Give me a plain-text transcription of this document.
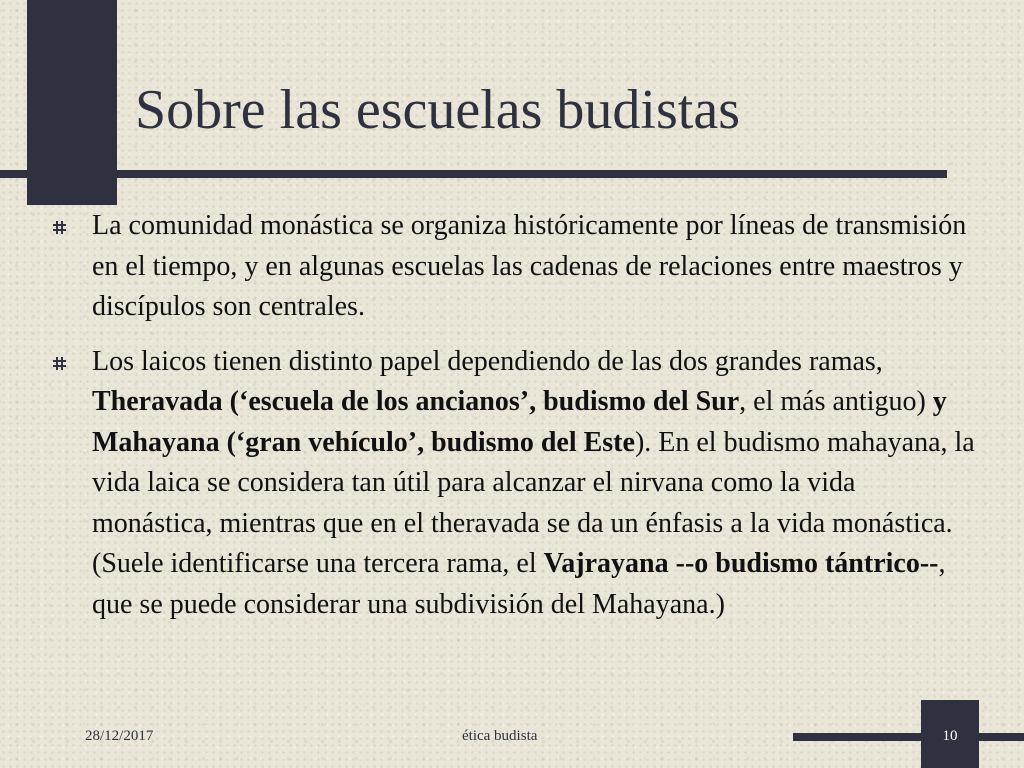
Sobre las escuelas budistas
La comunidad monástica se organiza históricamente por líneas de transmisión en el tiempo, y en algunas escuelas las cadenas de relaciones entre maestros y discípulos son centrales.
Los laicos tienen distinto papel dependiendo de las dos grandes ramas, Theravada (‘escuela de los ancianos’, budismo del Sur, el más antiguo) y Mahayana (‘gran vehículo’, budismo del Este). En el budismo mahayana, la vida laica se considera tan útil para alcanzar el nirvana como la vida monástica, mientras que en el theravada se da un énfasis a la vida monástica. (Suele identificarse una tercera rama, el Vajrayana --o budismo tántrico--, que se puede considerar una subdivisión del Mahayana.)
28/12/2017	ética budista	10
